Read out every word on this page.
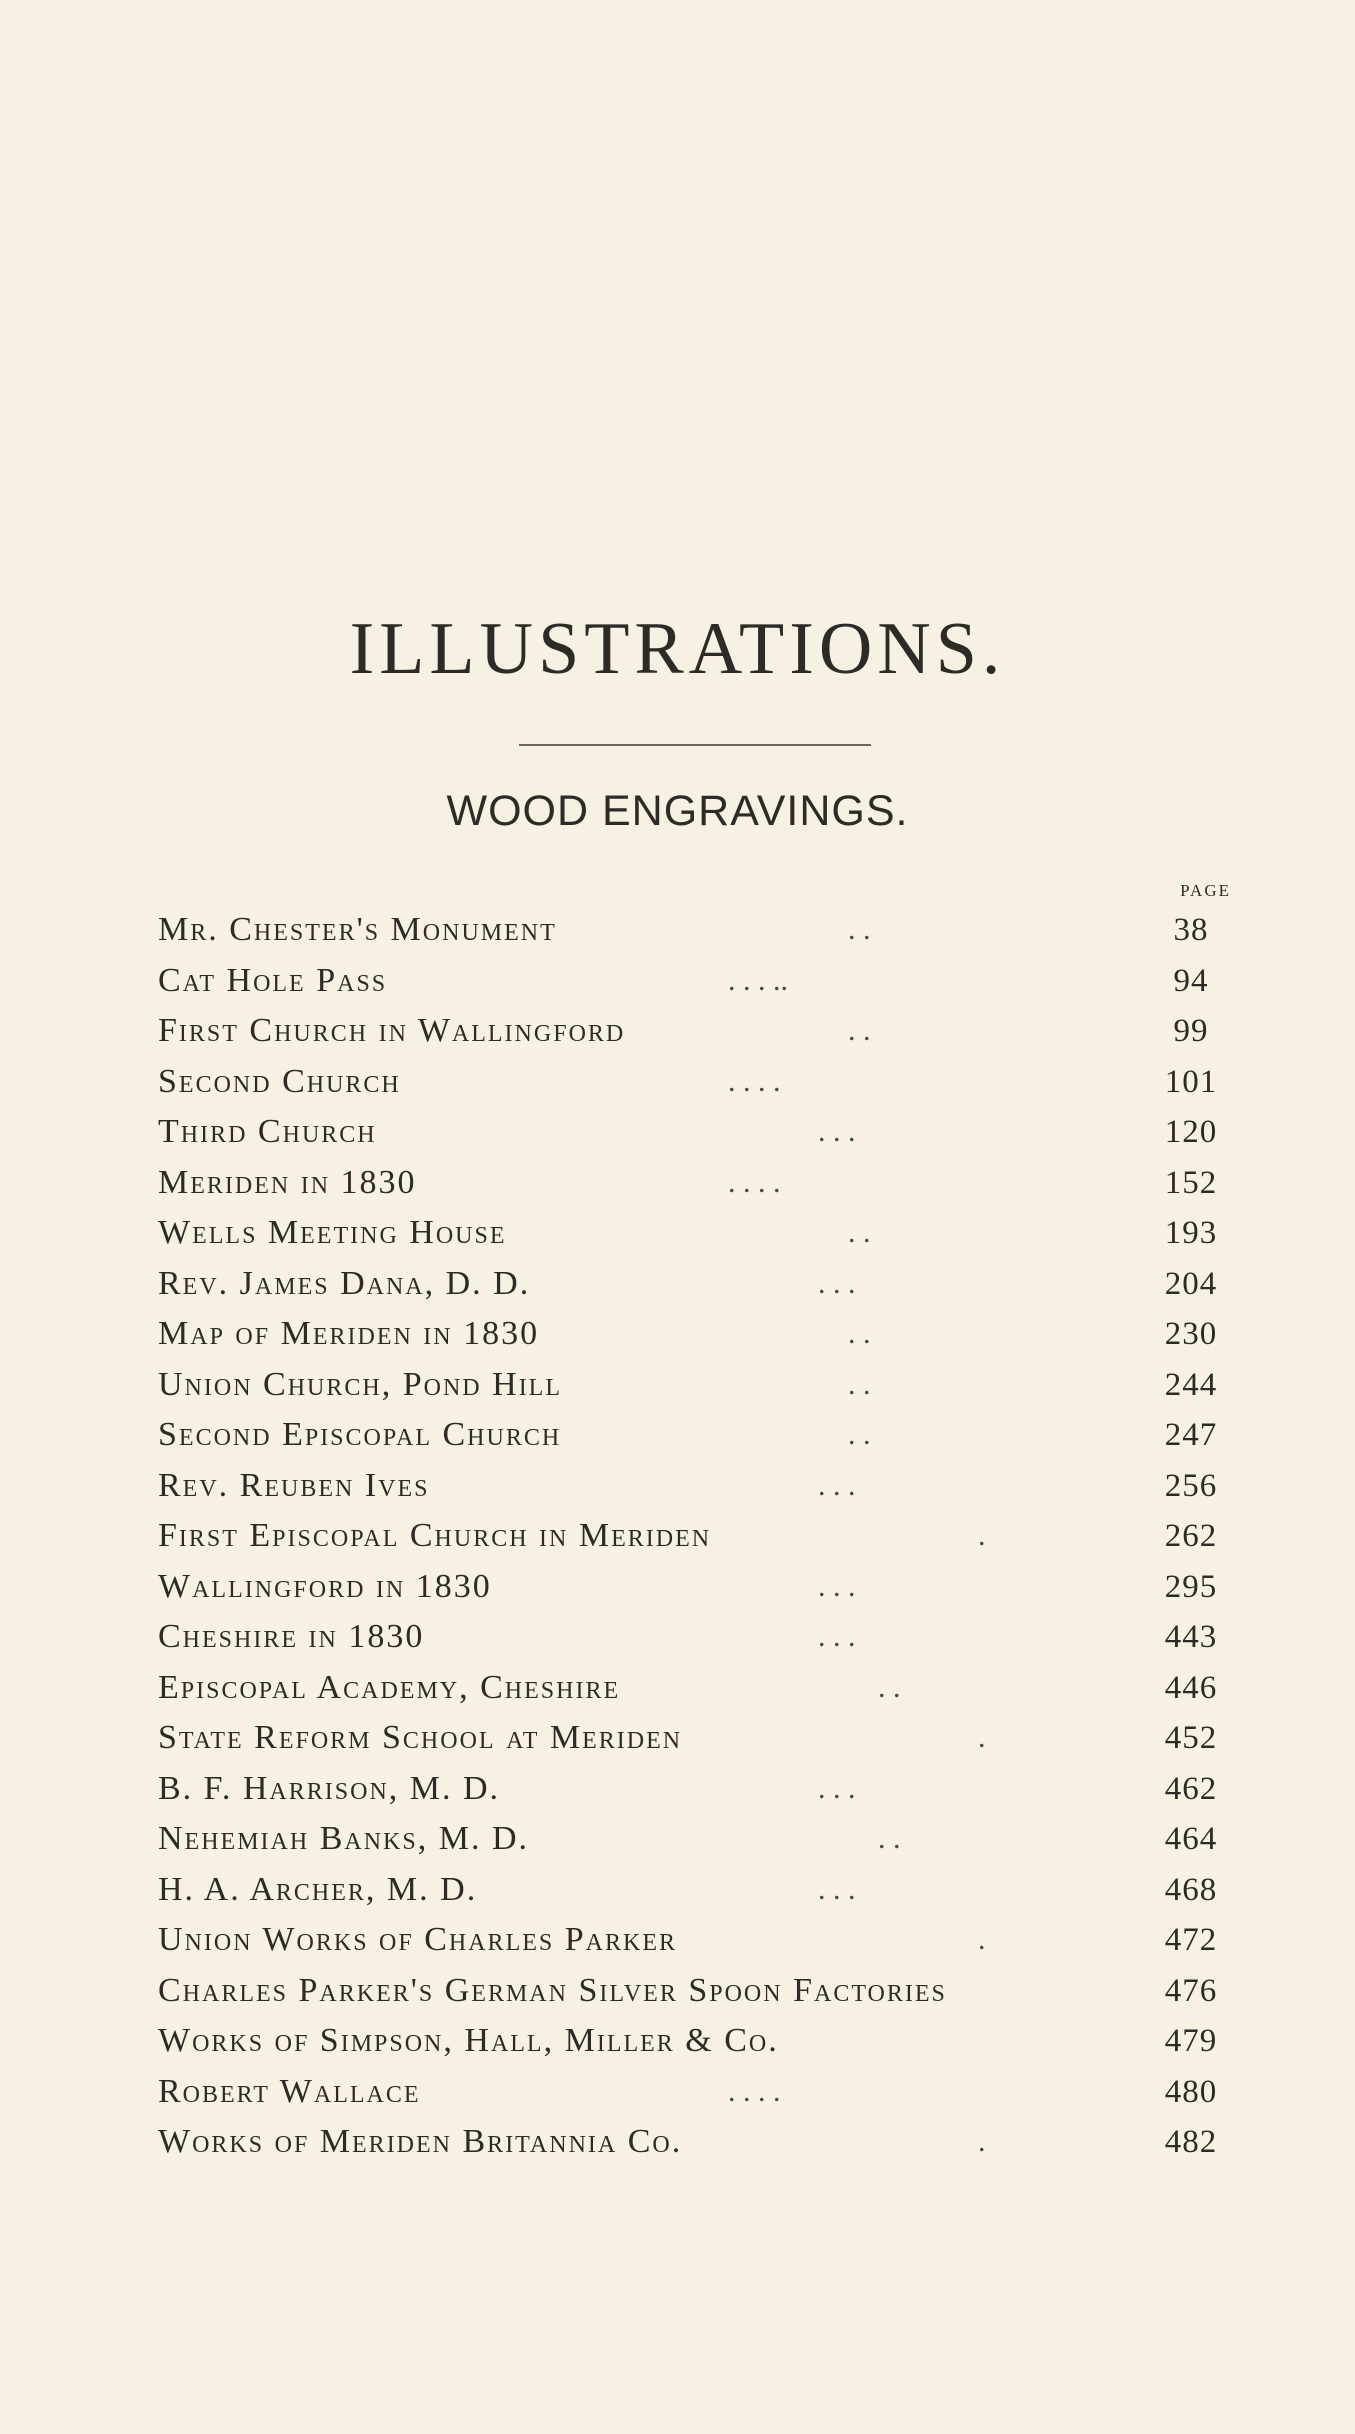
ILLUSTRATIONS.
WOOD ENGRAVINGS.
PAGE
Mr. Chester's Monument	. .	38
Cat Hole Pass	. . . ..	94
First Church in Wallingford	. .	99
Second Church	. . . .	101
Third Church	. . .	120
Meriden in 1830	. . . .	152
Wells Meeting House	. .	193
Rev. James Dana, D. D.	. . .	204
Map of Meriden in 1830	. .	230
Union Church, Pond Hill	. .	244
Second Episcopal Church	. .	247
Rev. Reuben Ives	. . .	256
First Episcopal Church in Meriden	.	262
Wallingford in 1830	. . .	295
Cheshire in 1830	. . .	443
Episcopal Academy, Cheshire	. .	446
State Reform School at Meriden	.	452
B. F. Harrison, M. D.	. . .	462
Nehemiah Banks, M. D.	. .	464
H. A. Archer, M. D.	. . .	468
Union Works of Charles Parker	.	472
Charles Parker's German Silver Spoon Factories	476
Works of Simpson, Hall, Miller & Co.	479
Robert Wallace	. . . .	480
Works of Meriden Britannia Co.	.	482
